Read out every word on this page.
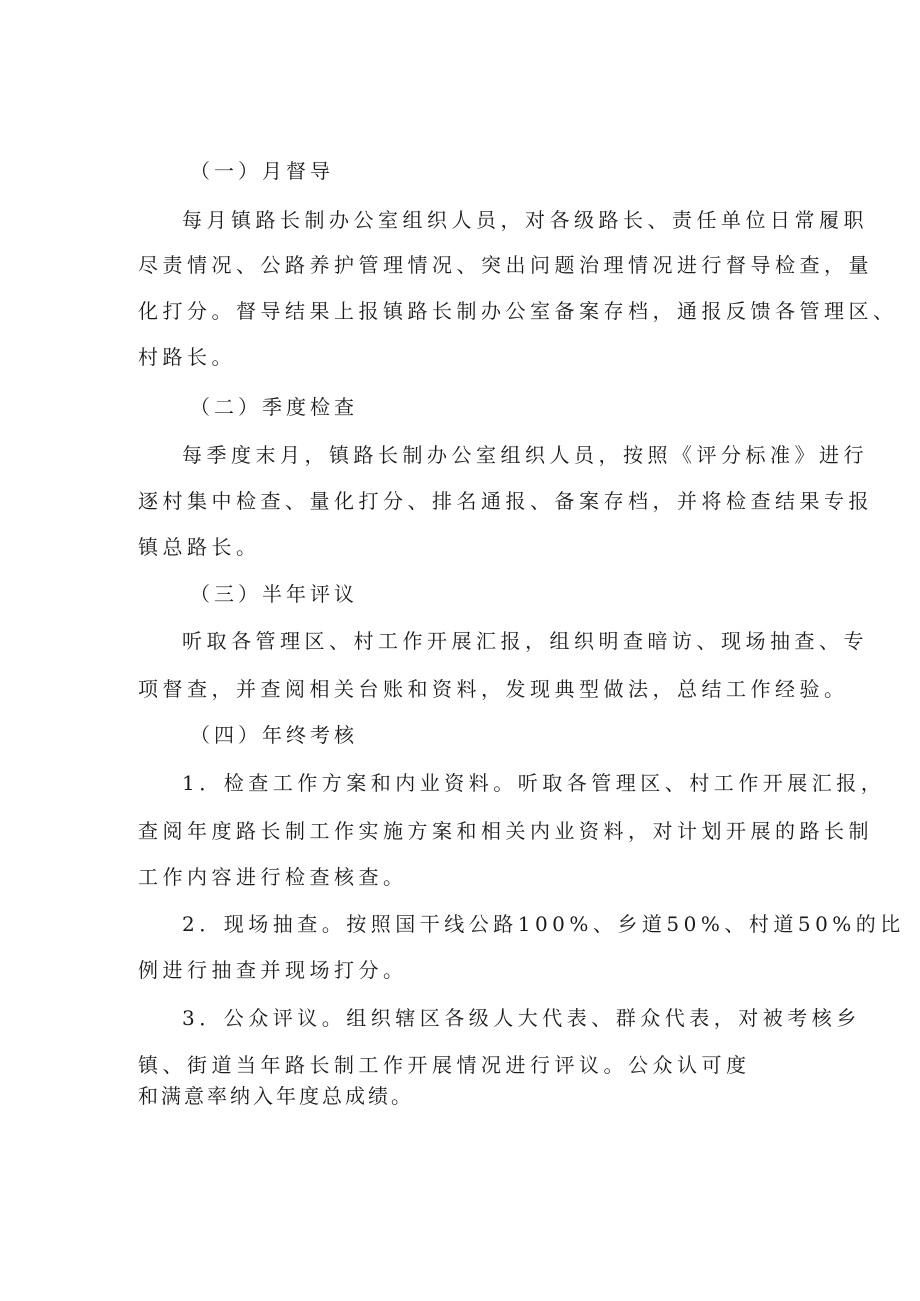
（一）月督导
每月镇路长制办公室组织人员，对各级路长、责任单位日常履职
尽责情况、公路养护管理情况、突出问题治理情况进行督导检查，量
化打分。督导结果上报镇路长制办公室备案存档，通报反馈各管理区、
村路长。
（二）季度检查
每季度末月，镇路长制办公室组织人员，按照《评分标准》进行
逐村集中检查、量化打分、排名通报、备案存档，并将检查结果专报
镇总路长。
（三）半年评议
听取各管理区、村工作开展汇报，组织明查暗访、现场抽查、专
项督查，并查阅相关台账和资料，发现典型做法，总结工作经验。
（四）年终考核
1．检查工作方案和内业资料。听取各管理区、村工作开展汇报，
查阅年度路长制工作实施方案和相关内业资料，对计划开展的路长制
工作内容进行检查核查。
2．现场抽查。按照国干线公路100%、乡道50%、村道50%的比
例进行抽查并现场打分。
3．公众评议。组织辖区各级人大代表、群众代表，对被考核乡
镇、街道当年路长制工作开展情况进行评议。公众认可度
和满意率纳入年度总成绩。
